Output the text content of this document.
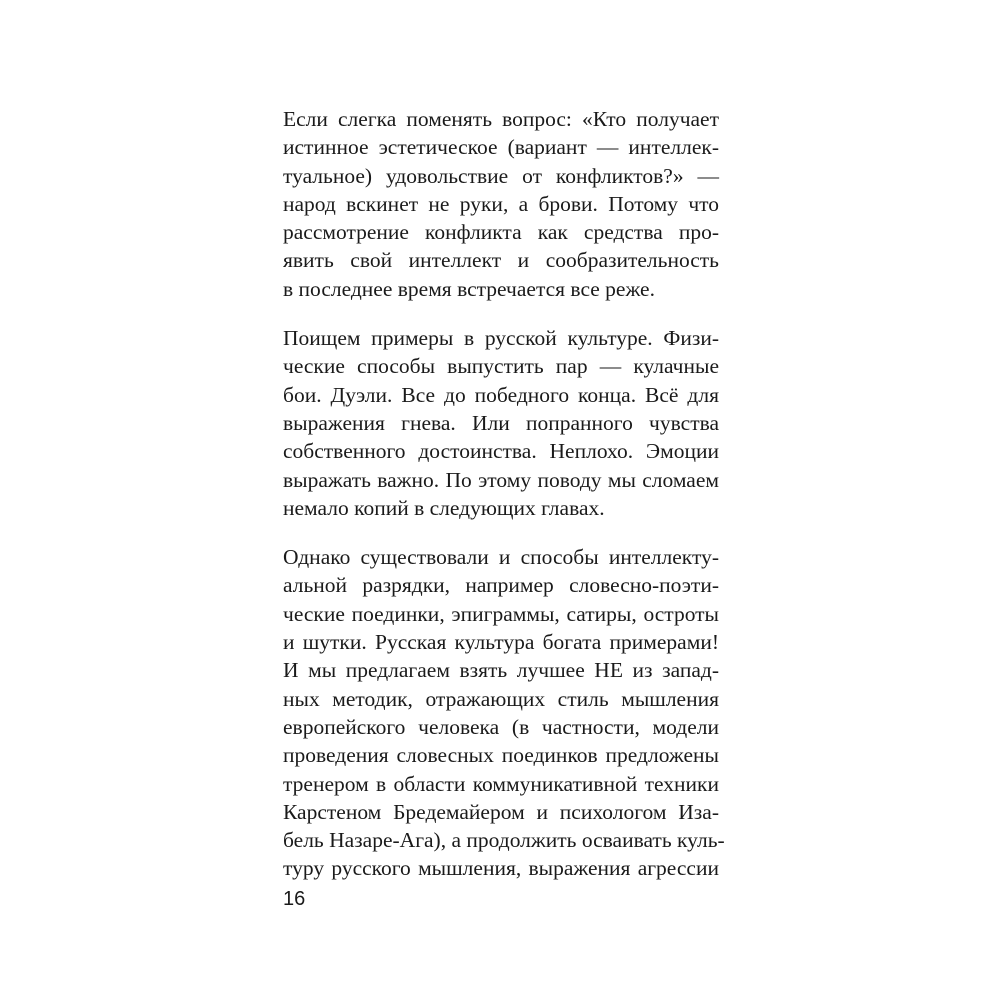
Если слегка поменять вопрос: «Кто получает
истинное эстетическое (вариант — интеллек-
туальное) удовольствие от конфликтов?» —
народ вскинет не руки, а брови. Потому что
рассмотрение конфликта как средства про-
явить свой интеллект и сообразительность
в последнее время встречается все реже.
Поищем примеры в русской культуре. Физи-
ческие способы выпустить пар — кулачные
бои. Дуэли. Все до победного конца. Всё для
выражения гнева. Или попранного чувства
собственного достоинства. Неплохо. Эмоции
выражать важно. По этому поводу мы сломаем
немало копий в следующих главах.
Однако существовали и способы интеллекту-
альной разрядки, например словесно-поэти-
ческие поединки, эпиграммы, сатиры, остроты
и шутки. Русская культура богата примерами!
И мы предлагаем взять лучшее НЕ из запад-
ных методик, отражающих стиль мышления
европейского человека (в частности, модели
проведения словесных поединков предложены
тренером в области коммуникативной техники
Карстеном Бредемайером и психологом Иза-
бель Назаре-Ага), а продолжить осваивать куль-
туру русского мышления, выражения агрессии
16
